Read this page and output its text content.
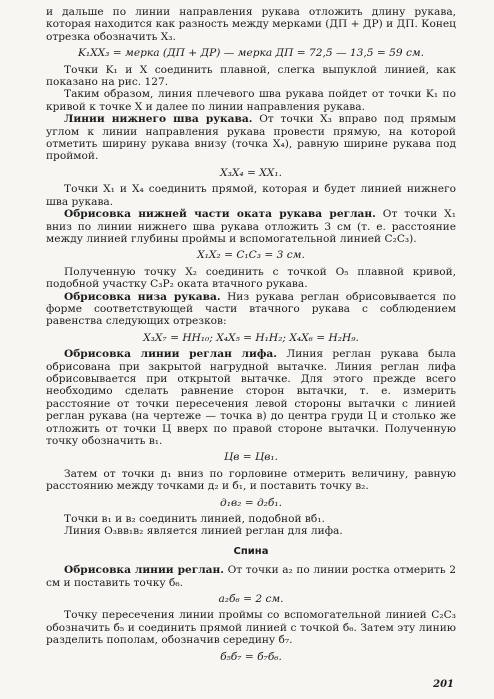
и дальше по линии направления рукава отложить длину рукава, которая находится как разность между мерками (ДП + ДР) и ДП. Конец отрезка обозначить X₃.

K₁XX₃ = мерка (ДП + ДР) — мерка ДП = 72,5 — 13,5 = 59 см.

Точки K₁ и X соединить плавной, слегка выпуклой линией, как показано на рис. 127.

Таким образом, линия плечевого шва рукава пойдет от точки K₁ по кривой к точке X и далее по линии направления рукава.

Линии нижнего шва рукава. От точки X₃ вправо под прямым углом к линии направления рукава провести прямую, на которой отметить ширину рукава внизу (точка X₄), равную ширине рукава под проймой.

X₃X₄ = XX₁.

Точки X₁ и X₄ соединить прямой, которая и будет линией нижнего шва рукава.

Обрисовка нижней части оката рукава реглан. От точки X₁ вниз по линии нижнего шва рукава отложить 3 см (т. е. расстояние между линией глубины проймы и вспомогательной линией C₂C₃).

X₁X₂ = C₁C₃ = 3 см.

Полученную точку X₂ соединить с точкой O₅ плавной кривой, подобной участку C₃P₂ оката втачного рукава.

Обрисовка низа рукава. Низ рукава реглан обрисовывается по форме соответствующей части втачного рукава с соблюдением равенства следующих отрезков:

X₃X₇ = HH₁₀; X₄X₅ = H₁H₂; X₄X₆ = H₂H₉.

Обрисовка линии реглан лифа. Линия реглан рукава была обрисована при закрытой нагрудной вытачке. Линия реглан лифа обрисовывается при открытой вытачке. Для этого прежде всего необходимо сделать равнение сторон вытачки, т. е. измерить расстояние от точки пересечения левой стороны вытачки с линией реглан рукава (на чертеже — точка в) до центра груди Ц и столько же отложить от точки Ц вверх по правой стороне вытачки. Полученную точку обозначить в₁.

Цв = Цв₁.

Затем от точки д₁ вниз по горловине отмерить величину, равную расстоянию между точками д₂ и б₁, и поставить точку в₂.

д₁в₂ = д₂б₁.

Точки в₁ и в₂ соединить линией, подобной вб₁.

Линия O₃вв₁в₂ является линией реглан для лифа.

Спина

Обрисовка линии реглан. От точки а₂ по линии ростка отмерить 2 см и поставить точку б₆.

а₂б₆ = 2 см.

Точку пересечения линии проймы со вспомогательной линией C₂C₃ обозначить б₅ и соединить прямой линией с точкой б₆. Затем эту линию разделить пополам, обозначив середину б₇.

б₅б₇ = б₇б₆.
201
